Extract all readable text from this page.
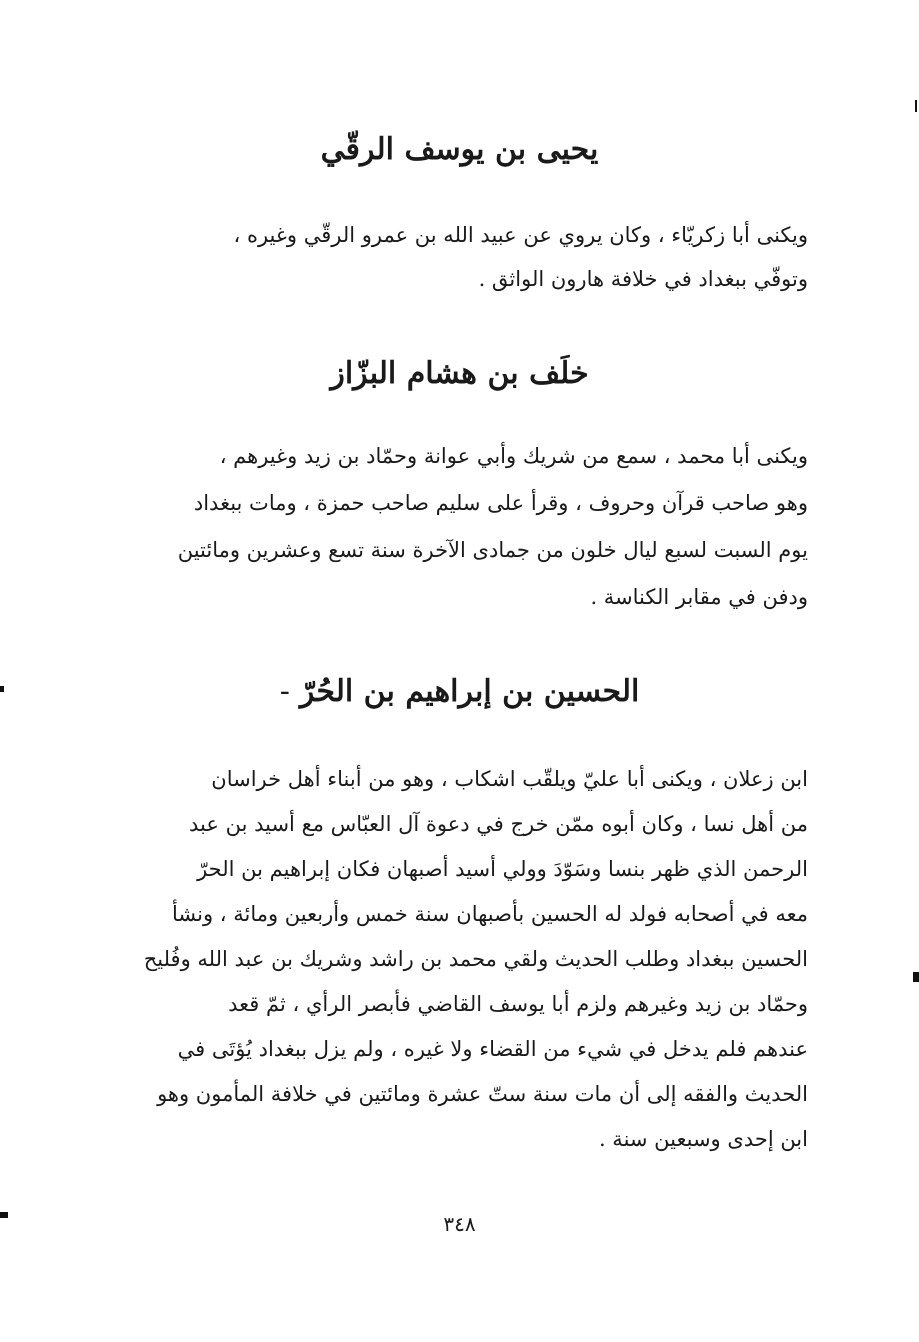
يحيى بن يوسف الرقّي
ويكنى أبا زكريّاء ، وكان يروي عن عبيد الله بن عمرو الرقّي وغيره ،
وتوفّي ببغداد في خلافة هارون الواثق .
خلَف بن هشام البزّاز
ويكنى أبا محمد ، سمع من شريك وأبي عوانة وحمّاد بن زيد وغيرهم ،
وهو صاحب قرآن وحروف ، وقرأ على سليم صاحب حمزة ، ومات ببغداد
يوم السبت لسبع ليال خلون من جمادى الآخرة سنة تسع وعشرين ومائتين
ودفن في مقابر الكناسة .
الحسين بن إبراهيم بن الحُرّ-
ابن زعلان ، ويكنى أبا عليّ ويلقّب اشكاب ، وهو من أبناء أهل خراسان
من أهل نسا ، وكان أبوه ممّن خرج في دعوة آل العبّاس مع أسيد بن عبد
الرحمن الذي ظهر بنسا وسَوّدَ وولي أسيد أصبهان فكان إبراهيم بن الحرّ
معه في أصحابه فولد له الحسين بأصبهان سنة خمس وأربعين ومائة ، ونشأ
الحسين ببغداد وطلب الحديث ولقي محمد بن راشد وشريك بن عبد الله وفُليح
وحمّاد بن زيد وغيرهم ولزم أبا يوسف القاضي فأبصر الرأي ، ثمّ قعد
عندهم فلم يدخل في شيء من القضاء ولا غيره ، ولم يزل ببغداد يُؤتَى في
الحديث والفقه إلى أن مات سنة ستّ عشرة ومائتين في خلافة المأمون وهو
ابن إحدى وسبعين سنة .
٣٤٨
